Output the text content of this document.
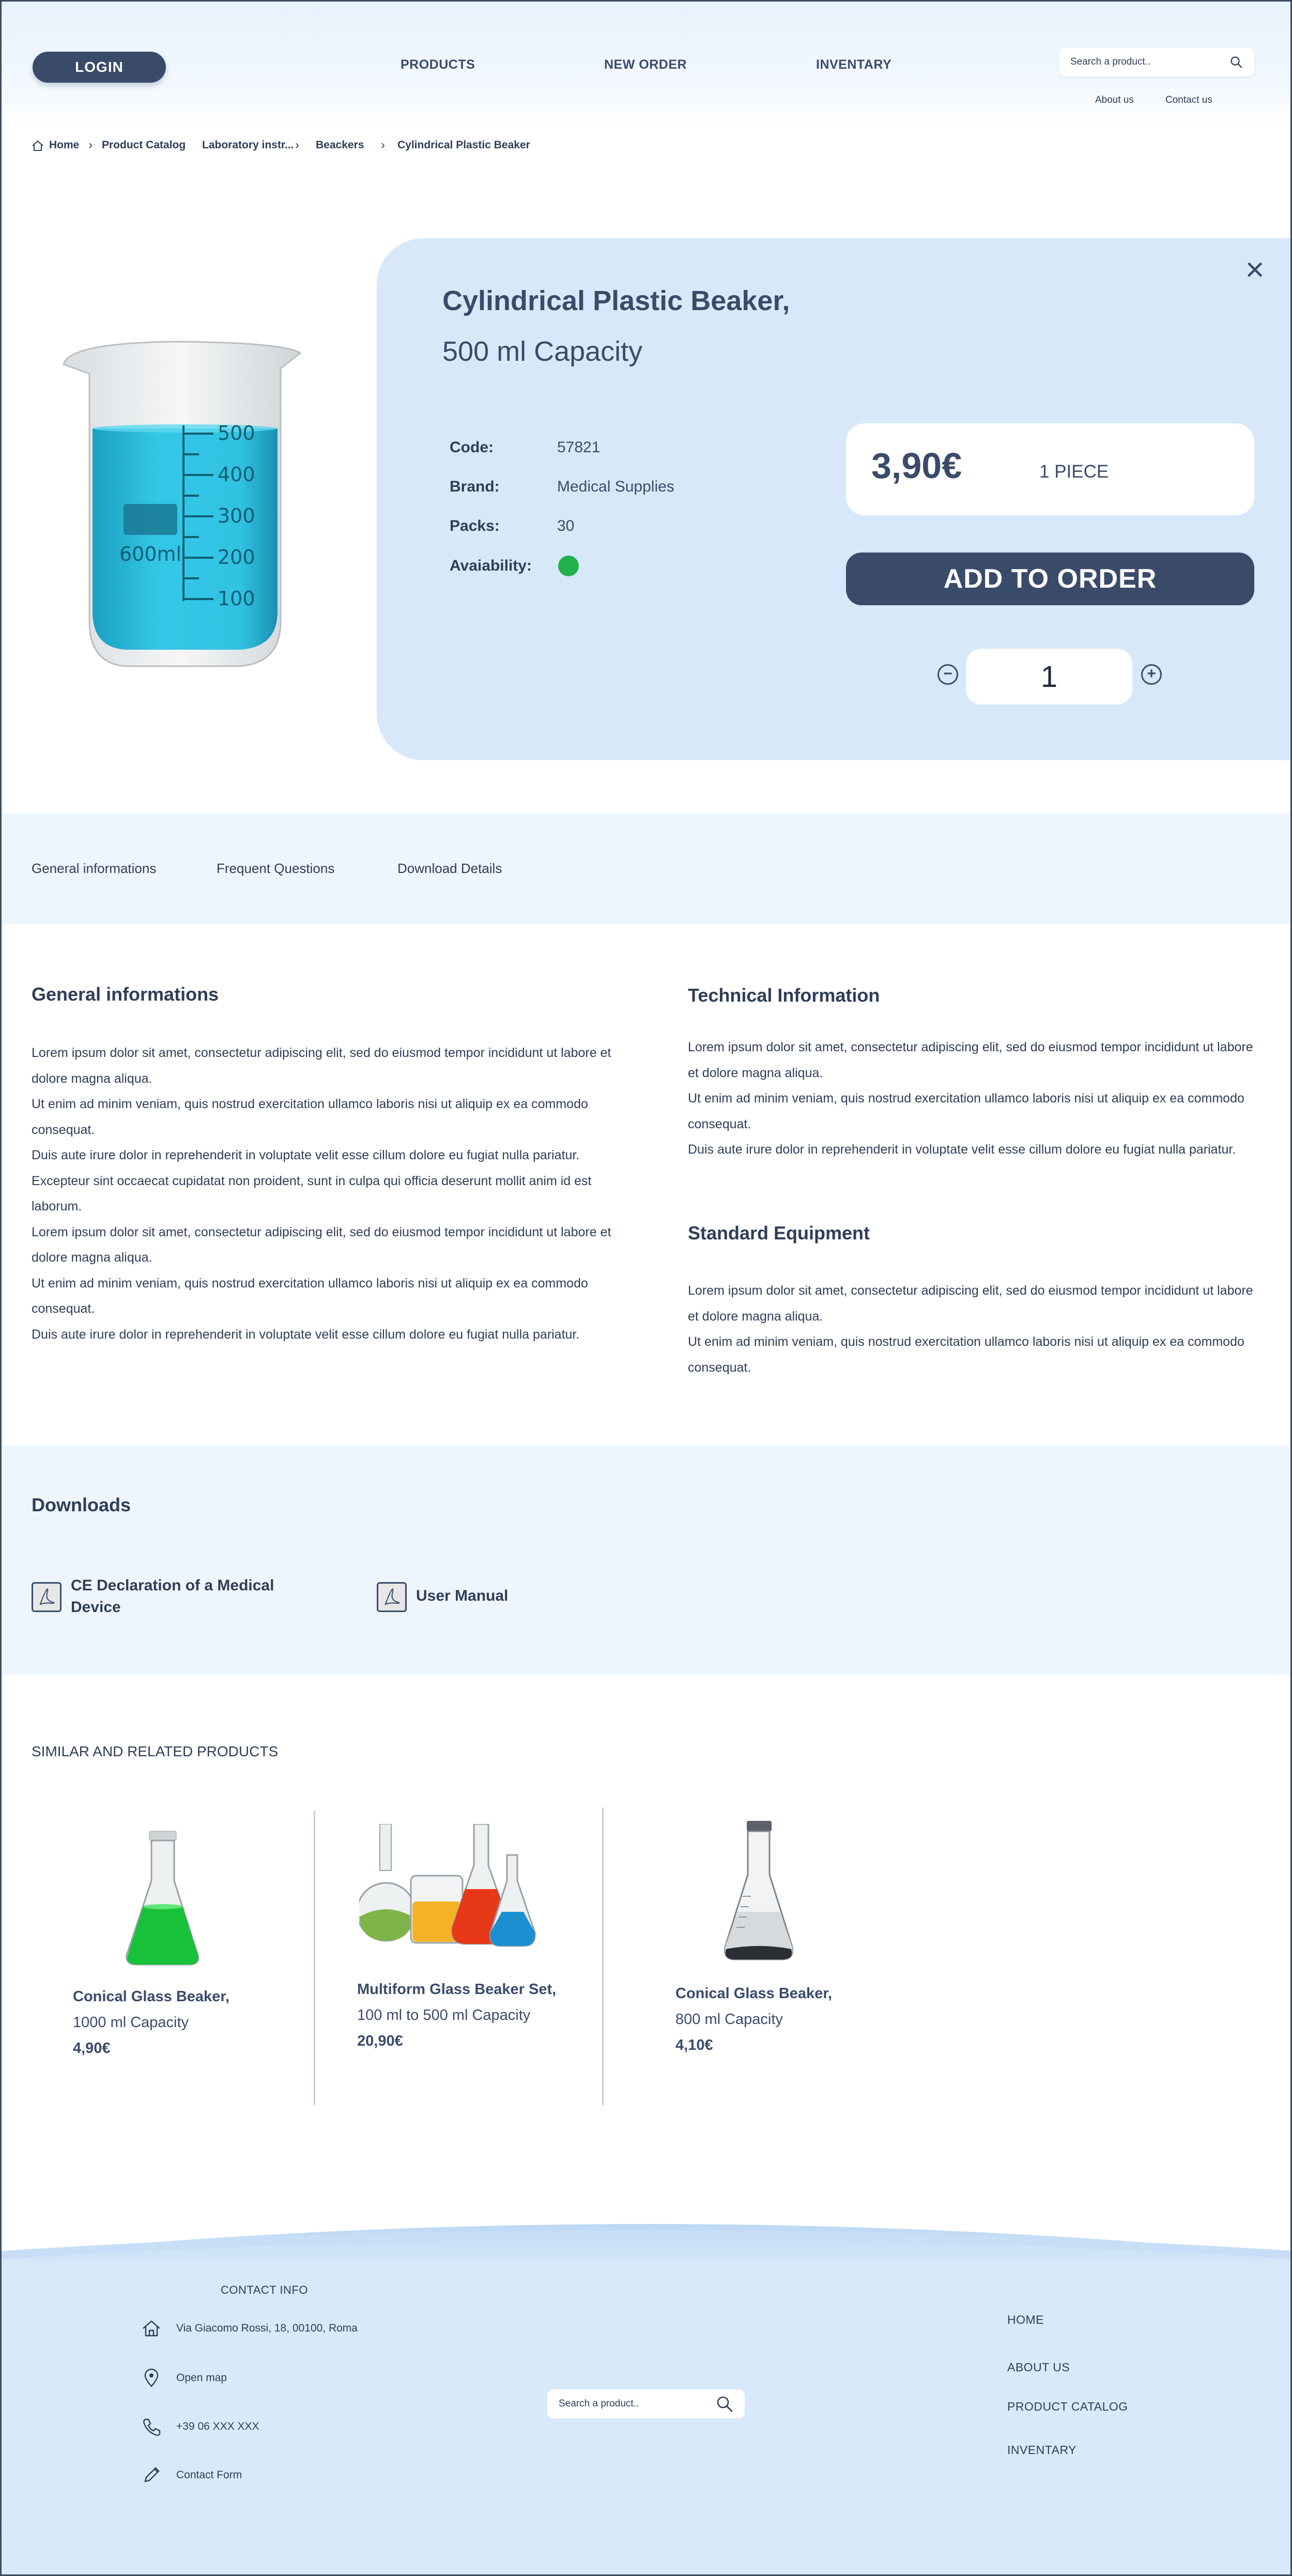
LOGIN	PRODUCTS	NEW ORDER	INVENTARY	Search a product..
About us	Contact us
Home › Product Catalog Laboratory instr... › Beackers › Cylindrical Plastic Beaker
500
400
300
200
100
600ml
×
Cylindrical Plastic Beaker,
500 ml Capacity
Code:	57821
Brand:	Medical Supplies
Packs:	30
Avaiability:
3,90€	1 PIECE
ADD TO ORDER
−	1	+
General informations	Frequent Questions	Download Details
General informations

Lorem ipsum dolor sit amet, consectetur adipiscing elit, sed do eiusmod tempor incididunt ut labore et dolore magna aliqua.

Ut enim ad minim veniam, quis nostrud exercitation ullamco laboris nisi ut aliquip ex ea commodo consequat.

Duis aute irure dolor in reprehenderit in voluptate velit esse cillum dolore eu fugiat nulla pariatur.

Excepteur sint occaecat cupidatat non proident, sunt in culpa qui officia deserunt mollit anim id est laborum.

Lorem ipsum dolor sit amet, consectetur adipiscing elit, sed do eiusmod tempor incididunt ut labore et dolore magna aliqua.

Ut enim ad minim veniam, quis nostrud exercitation ullamco laboris nisi ut aliquip ex ea commodo consequat.

Duis aute irure dolor in reprehenderit in voluptate velit esse cillum dolore eu fugiat nulla pariatur.

Technical Information

Lorem ipsum dolor sit amet, consectetur adipiscing elit, sed do eiusmod tempor incididunt ut labore et dolore magna aliqua.

Ut enim ad minim veniam, quis nostrud exercitation ullamco laboris nisi ut aliquip ex ea commodo consequat.

Duis aute irure dolor in reprehenderit in voluptate velit esse cillum dolore eu fugiat nulla pariatur.

Standard Equipment

Lorem ipsum dolor sit amet, consectetur adipiscing elit, sed do eiusmod tempor incididunt ut labore et dolore magna aliqua.

Ut enim ad minim veniam, quis nostrud exercitation ullamco laboris nisi ut aliquip ex ea commodo consequat.

Downloads
CE Declaration of a Medical
Device
User Manual
SIMILAR AND RELATED PRODUCTS
Conical Glass Beaker,
1000 ml Capacity
4,90€
Multiform Glass Beaker Set,
100 ml to 500 ml Capacity
20,90€
Conical Glass Beaker,
800 ml Capacity
4,10€
CONTACT INFO
Via Giacomo Rossi, 18, 00100, Roma
Open map
+39 06 XXX XXX
Contact Form
Search a product..
HOME
ABOUT US
PRODUCT CATALOG
INVENTARY
